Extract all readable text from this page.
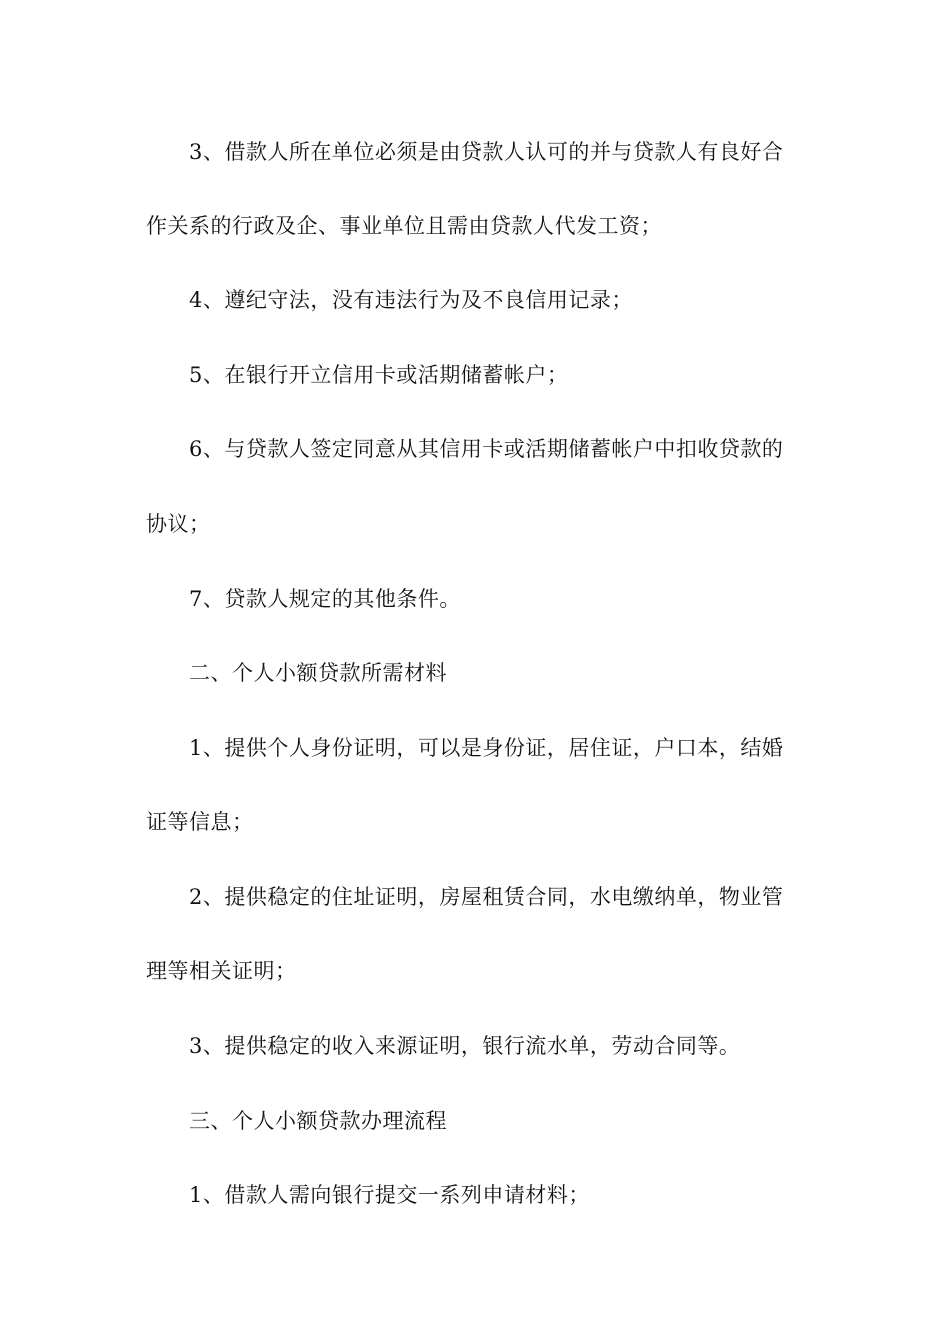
3、借款人所在单位必须是由贷款人认可的并与贷款人有良好合
作关系的行政及企、事业单位且需由贷款人代发工资；
4、遵纪守法，没有违法行为及不良信用记录；
5、在银行开立信用卡或活期储蓄帐户；
6、与贷款人签定同意从其信用卡或活期储蓄帐户中扣收贷款的
协议；
7、贷款人规定的其他条件。
二、个人小额贷款所需材料
1、提供个人身份证明，可以是身份证，居住证，户口本，结婚
证等信息；
2、提供稳定的住址证明，房屋租赁合同，水电缴纳单，物业管
理等相关证明；
3、提供稳定的收入来源证明，银行流水单，劳动合同等。
三、个人小额贷款办理流程
1、借款人需向银行提交一系列申请材料；
